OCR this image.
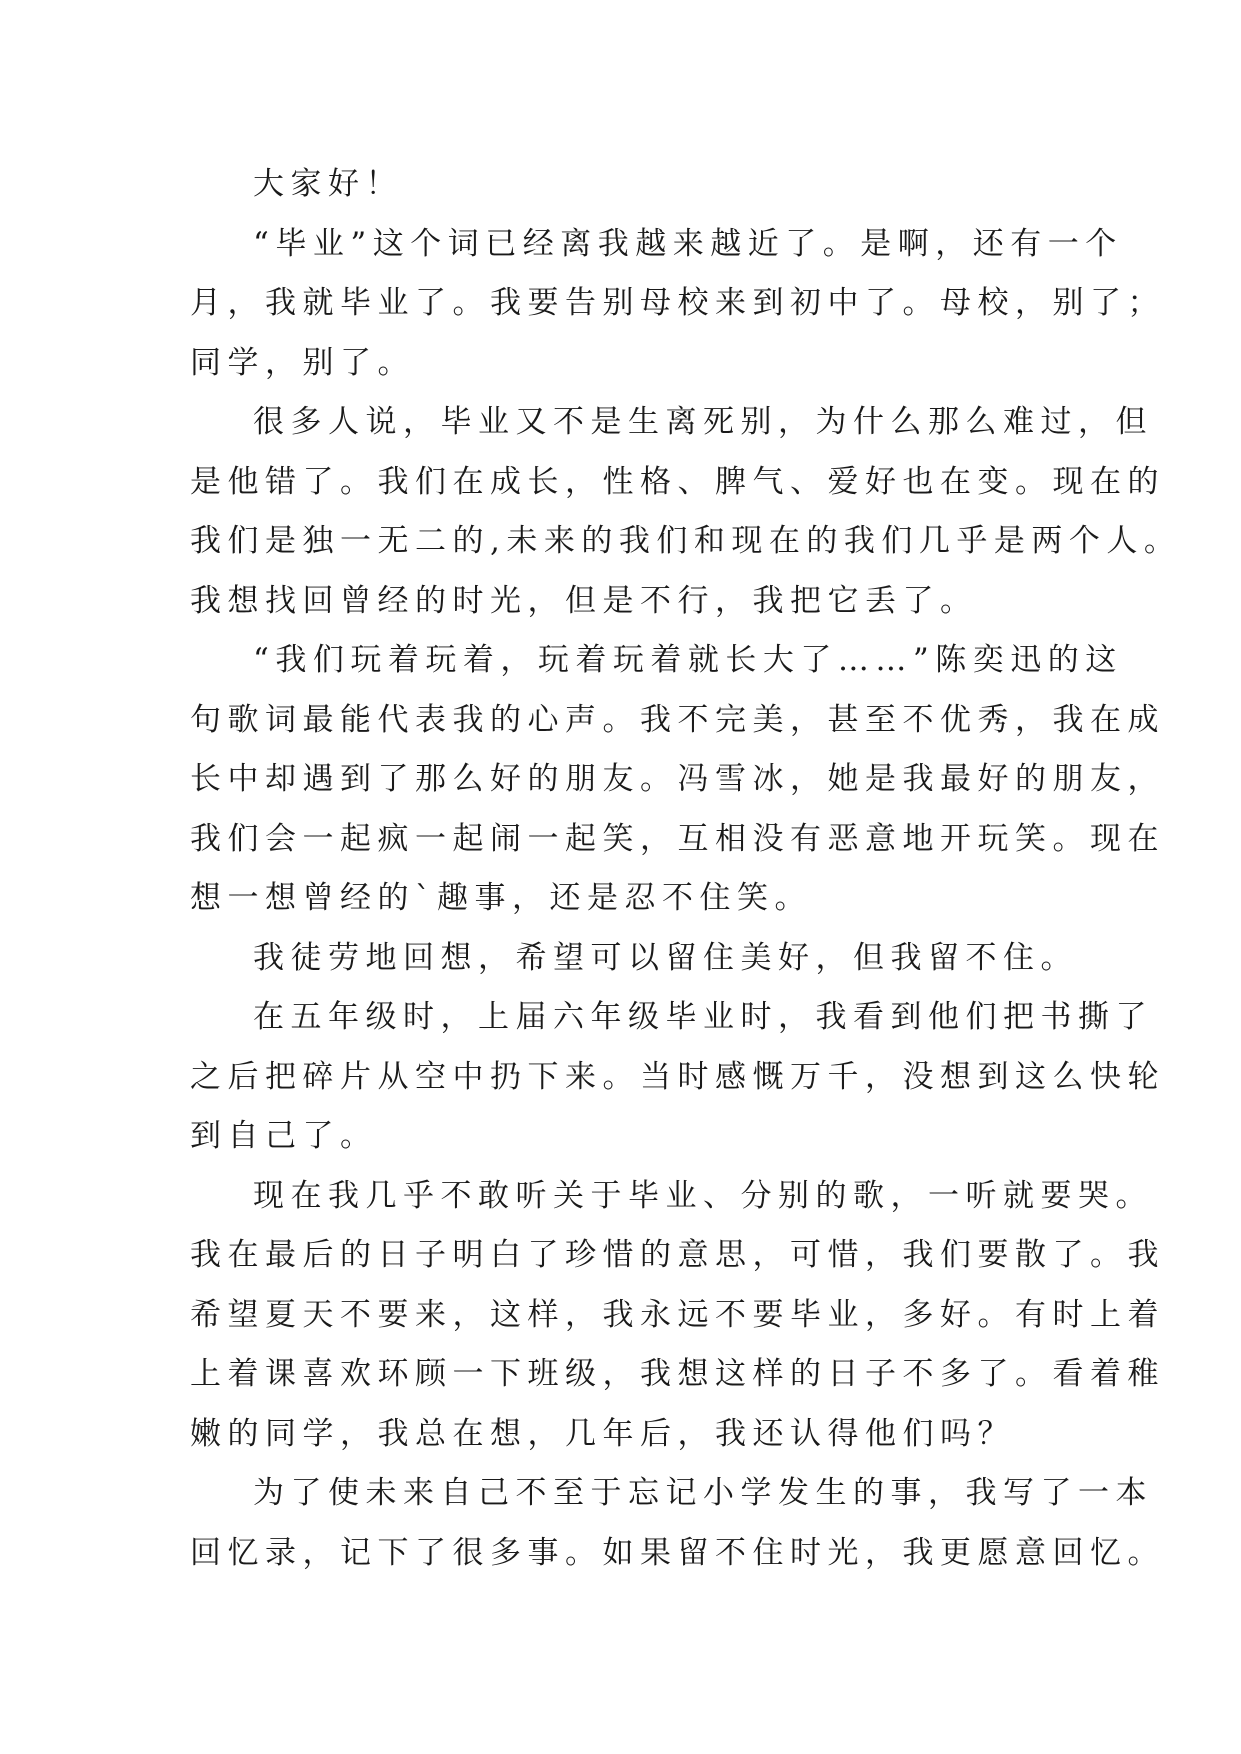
大家好！

“毕业”这个词已经离我越来越近了。是啊，还有一个
月，我就毕业了。我要告别母校来到初中了。母校，别了；
同学，别了。

很多人说，毕业又不是生离死别，为什么那么难过，但
是他错了。我们在成长，性格、脾气、爱好也在变。现在的
我们是独一无二的,未来的我们和现在的我们几乎是两个人。
我想找回曾经的时光，但是不行，我把它丢了。

“我们玩着玩着，玩着玩着就长大了……”陈奕迅的这
句歌词最能代表我的心声。我不完美，甚至不优秀，我在成
长中却遇到了那么好的朋友。冯雪冰，她是我最好的朋友，
我们会一起疯一起闹一起笑，互相没有恶意地开玩笑。现在
想一想曾经的`趣事，还是忍不住笑。

我徒劳地回想，希望可以留住美好，但我留不住。

在五年级时，上届六年级毕业时，我看到他们把书撕了
之后把碎片从空中扔下来。当时感慨万千，没想到这么快轮
到自己了。

现在我几乎不敢听关于毕业、分别的歌，一听就要哭。
我在最后的日子明白了珍惜的意思，可惜，我们要散了。我
希望夏天不要来，这样，我永远不要毕业，多好。有时上着
上着课喜欢环顾一下班级，我想这样的日子不多了。看着稚
嫩的同学，我总在想，几年后，我还认得他们吗？

为了使未来自己不至于忘记小学发生的事，我写了一本
回忆录，记下了很多事。如果留不住时光，我更愿意回忆。
